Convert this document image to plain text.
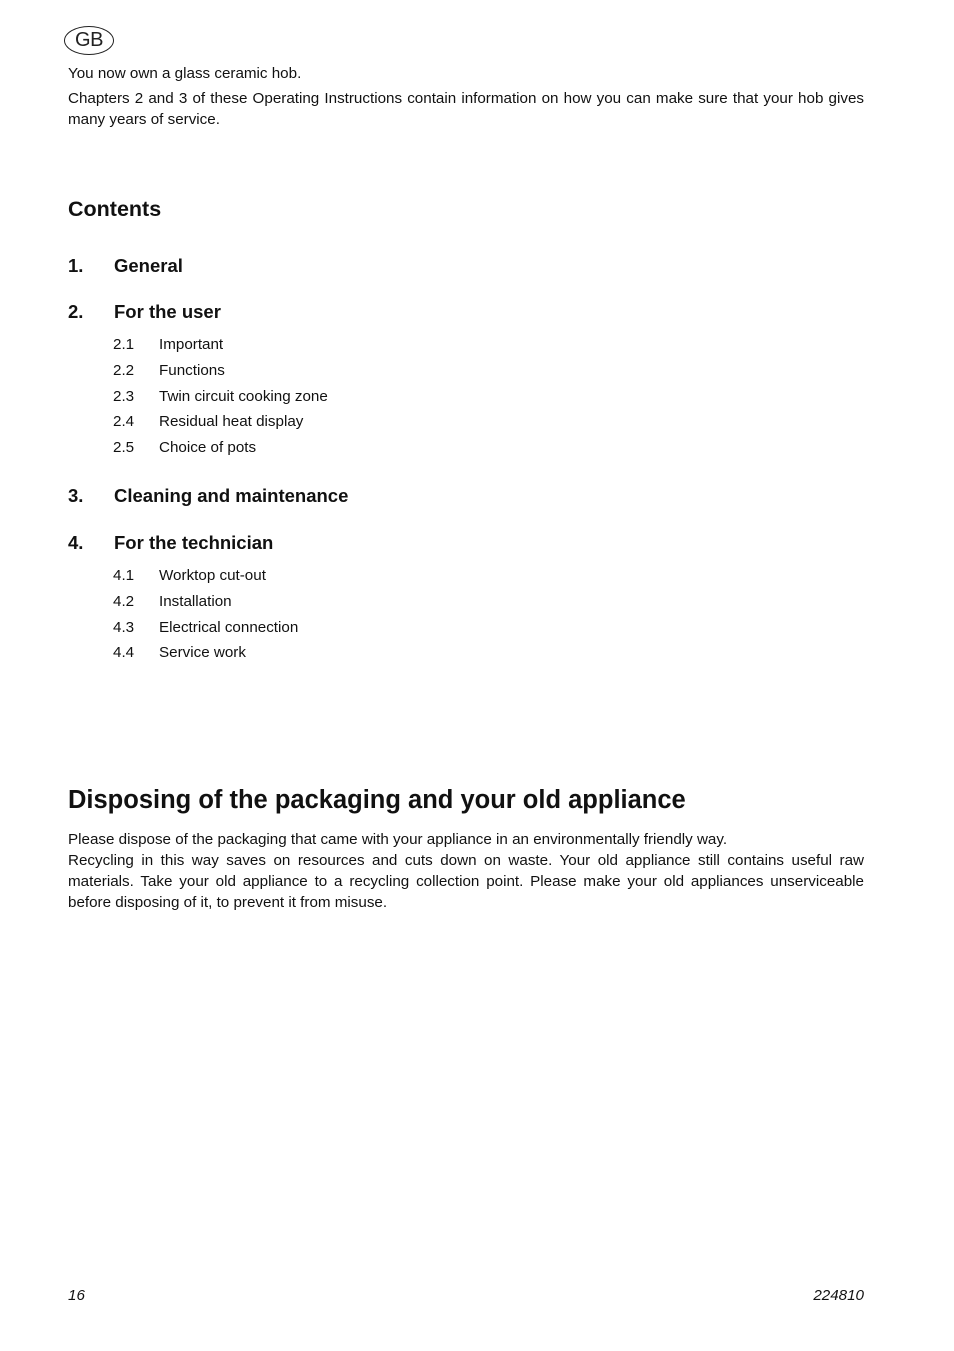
GB

You now own a glass ceramic hob.

Chapters 2 and 3 of these Operating Instructions contain information on how you can make sure that your hob gives many years of service.

Contents
1. General
2. For the user
2.1 Important
2.2 Functions
2.3 Twin circuit cooking zone
2.4 Residual heat display
2.5 Choice of pots
3. Cleaning and maintenance
4. For the technician
4.1 Worktop cut-out
4.2 Installation
4.3 Electrical connection
4.4 Service work
Disposing of the packaging and your old appliance

Please dispose of the packaging that came with your appliance in an environmentally friendly way.

Recycling in this way saves on resources and cuts down on waste. Your old appliance still contains useful raw materials. Take your old appliance to a recycling collection point. Please make your old appliances unserviceable before disposing of it, to prevent it from misuse.

16	224810
